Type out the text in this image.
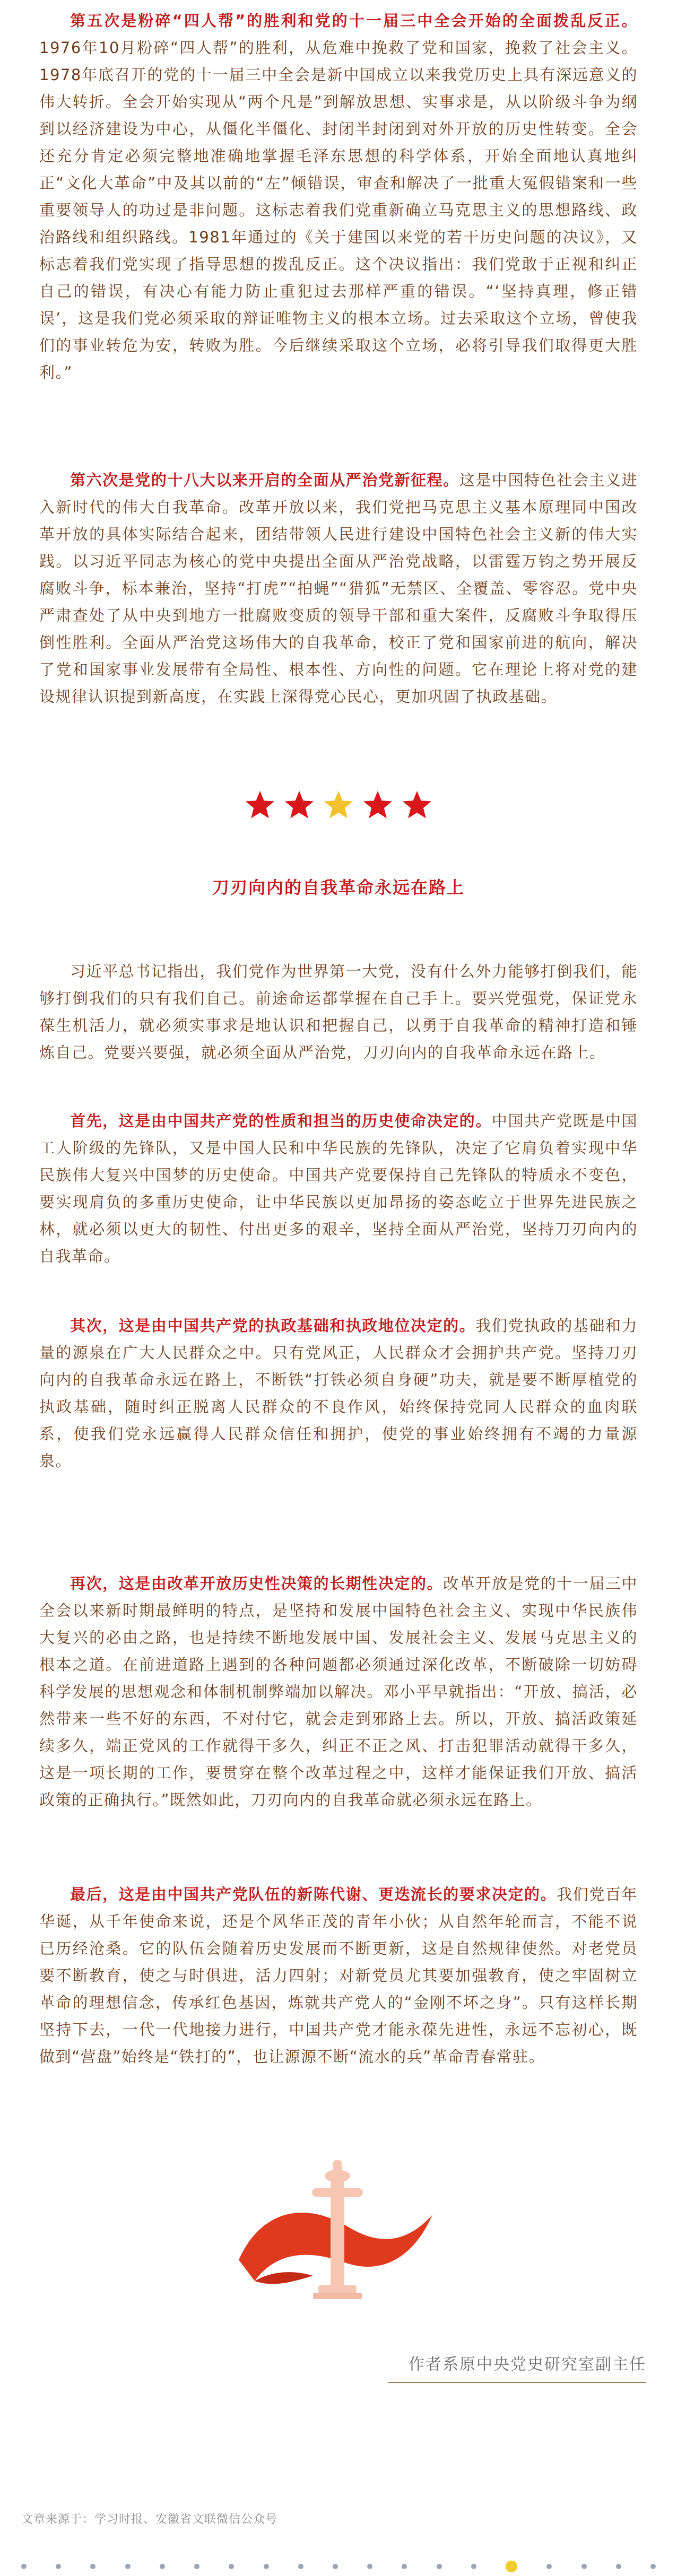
第五次是粉碎“四人帮”的胜利和党的十一届三中全会开始的全面拨乱反正。1976年10月粉碎“四人帮”的胜利，从危难中挽救了党和国家，挽救了社会主义。1978年底召开的党的十一届三中全会是新中国成立以来我党历史上具有深远意义的伟大转折。全会开始实现从“两个凡是”到解放思想、实事求是，从以阶级斗争为纲到以经济建设为中心，从僵化半僵化、封闭半封闭到对外开放的历史性转变。全会还充分肯定必须完整地准确地掌握毛泽东思想的科学体系，开始全面地认真地纠正“文化大革命”中及其以前的“左”倾错误，审查和解决了一批重大冤假错案和一些重要领导人的功过是非问题。这标志着我们党重新确立马克思主义的思想路线、政治路线和组织路线。1981年通过的《关于建国以来党的若干历史问题的决议》，又标志着我们党实现了指导思想的拨乱反正。这个决议指出：我们党敢于正视和纠正自己的错误，有决心有能力防止重犯过去那样严重的错误。“‘坚持真理，修正错误’，这是我们党必须采取的辩证唯物主义的根本立场。过去采取这个立场，曾使我们的事业转危为安，转败为胜。今后继续采取这个立场，必将引导我们取得更大胜利。”

第六次是党的十八大以来开启的全面从严治党新征程。这是中国特色社会主义进入新时代的伟大自我革命。改革开放以来，我们党把马克思主义基本原理同中国改革开放的具体实际结合起来，团结带领人民进行建设中国特色社会主义新的伟大实践。以习近平同志为核心的党中央提出全面从严治党战略，以雷霆万钧之势开展反腐败斗争，标本兼治，坚持“打虎”“拍蝇”“猎狐”无禁区、全覆盖、零容忍。党中央严肃查处了从中央到地方一批腐败变质的领导干部和重大案件，反腐败斗争取得压倒性胜利。全面从严治党这场伟大的自我革命，校正了党和国家前进的航向，解决了党和国家事业发展带有全局性、根本性、方向性的问题。它在理论上将对党的建设规律认识提到新高度，在实践上深得党心民心，更加巩固了执政基础。

刀刃向内的自我革命永远在路上

习近平总书记指出，我们党作为世界第一大党，没有什么外力能够打倒我们，能够打倒我们的只有我们自己。前途命运都掌握在自己手上。要兴党强党，保证党永葆生机活力，就必须实事求是地认识和把握自己，以勇于自我革命的精神打造和锤炼自己。党要兴要强，就必须全面从严治党，刀刃向内的自我革命永远在路上。

首先，这是由中国共产党的性质和担当的历史使命决定的。中国共产党既是中国工人阶级的先锋队，又是中国人民和中华民族的先锋队，决定了它肩负着实现中华民族伟大复兴中国梦的历史使命。中国共产党要保持自己先锋队的特质永不变色，要实现肩负的多重历史使命，让中华民族以更加昂扬的姿态屹立于世界先进民族之林，就必须以更大的韧性、付出更多的艰辛，坚持全面从严治党，坚持刀刃向内的自我革命。

其次，这是由中国共产党的执政基础和执政地位决定的。我们党执政的基础和力量的源泉在广大人民群众之中。只有党风正，人民群众才会拥护共产党。坚持刀刃向内的自我革命永远在路上，不断铁“打铁必须自身硬”功夫，就是要不断厚植党的执政基础，随时纠正脱离人民群众的不良作风，始终保持党同人民群众的血肉联系，使我们党永远赢得人民群众信任和拥护，使党的事业始终拥有不竭的力量源泉。

再次，这是由改革开放历史性决策的长期性决定的。改革开放是党的十一届三中全会以来新时期最鲜明的特点，是坚持和发展中国特色社会主义、实现中华民族伟大复兴的必由之路，也是持续不断地发展中国、发展社会主义、发展马克思主义的根本之道。在前进道路上遇到的各种问题都必须通过深化改革，不断破除一切妨碍科学发展的思想观念和体制机制弊端加以解决。邓小平早就指出：“开放、搞活，必然带来一些不好的东西，不对付它，就会走到邪路上去。所以，开放、搞活政策延续多久，端正党风的工作就得干多久，纠正不正之风、打击犯罪活动就得干多久，这是一项长期的工作，要贯穿在整个改革过程之中，这样才能保证我们开放、搞活政策的正确执行。”既然如此，刀刃向内的自我革命就必须永远在路上。

最后，这是由中国共产党队伍的新陈代谢、更迭流长的要求决定的。我们党百年华诞，从千年使命来说，还是个风华正茂的青年小伙；从自然年轮而言，不能不说已历经沧桑。它的队伍会随着历史发展而不断更新，这是自然规律使然。对老党员要不断教育，使之与时俱进，活力四射；对新党员尤其要加强教育，使之牢固树立革命的理想信念，传承红色基因，炼就共产党人的“金刚不坏之身”。只有这样长期坚持下去，一代一代地接力进行，中国共产党才能永葆先进性，永远不忘初心，既做到“营盘”始终是“铁打的”，也让源源不断“流水的兵”革命青春常驻。

作者系原中央党史研究室副主任
文章来源于：学习时报、安徽省文联微信公众号
